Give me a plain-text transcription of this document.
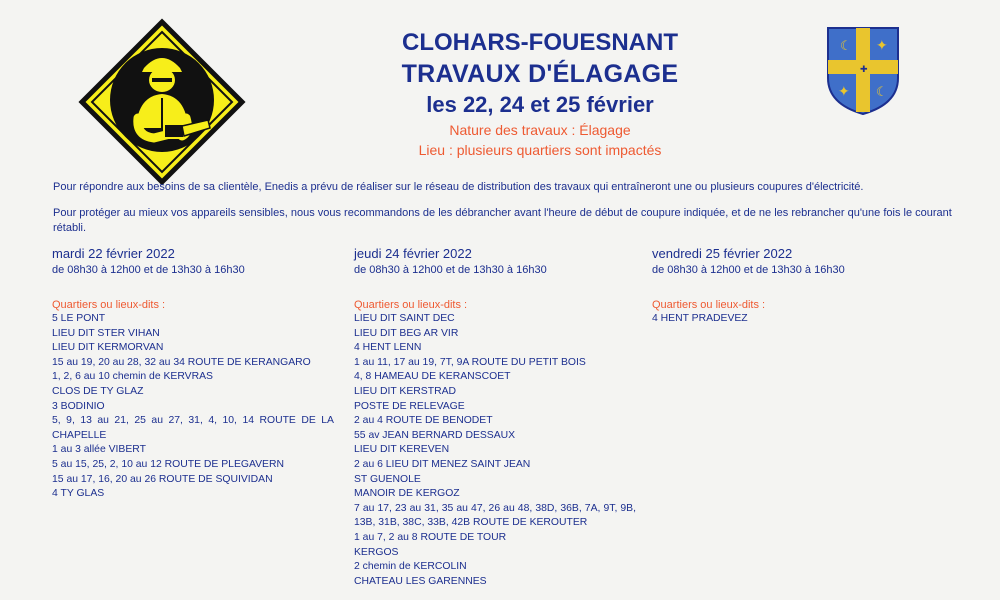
☾ ✦
✦ ☾
✚
CLOHARS-FOUESNANT
TRAVAUX D'ÉLAGAGE
les 22, 24 et 25 février
Nature des travaux : Élagage
Lieu : plusieurs quartiers sont impactés
Pour répondre aux besoins de sa clientèle, Enedis a prévu de réaliser sur le réseau de distribution des travaux qui entraîneront une ou plusieurs coupures d'électricité.
Pour protéger au mieux vos appareils sensibles, nous vous recommandons de les débrancher avant l'heure de début de coupure indiquée, et de ne les rebrancher qu'une fois le courant rétabli.
mardi 22 février 2022
de 08h30 à 12h00 et de 13h30 à 16h30
Quartiers ou lieux-dits :
5 LE PONT
LIEU DIT STER VIHAN
LIEU DIT KERMORVAN
15 au 19, 20 au 28, 32 au 34 ROUTE DE KERANGARO
1, 2, 6 au 10 chemin de KERVRAS
CLOS DE TY GLAZ
3 BODINIO
5, 9, 13 au 21, 25 au 27, 31, 4, 10, 14 ROUTE DE LA CHAPELLE
1 au 3 allée VIBERT
5 au 15, 25, 2, 10 au 12 ROUTE DE PLEGAVERN
15 au 17, 16, 20 au 26 ROUTE DE SQUIVIDAN
4 TY GLAS
jeudi 24 février 2022
de 08h30 à 12h00 et de 13h30 à 16h30
Quartiers ou lieux-dits :
LIEU DIT SAINT DEC
LIEU DIT BEG AR VIR
4 HENT LENN
1 au 11, 17 au 19, 7T, 9A ROUTE DU PETIT BOIS
4, 8 HAMEAU DE KERANSCOET
LIEU DIT KERSTRAD
POSTE DE RELEVAGE
2 au 4 ROUTE DE BENODET
55 av JEAN BERNARD DESSAUX
LIEU DIT KEREVEN
2 au 6 LIEU DIT MENEZ SAINT JEAN
ST GUENOLE
MANOIR DE KERGOZ
7 au 17, 23 au 31, 35 au 47, 26 au 48, 38D, 36B, 7A, 9T, 9B, 13B, 31B, 38C, 33B, 42B ROUTE DE KEROUTER
1 au 7, 2 au 8 ROUTE DE TOUR
KERGOS
2 chemin de KERCOLIN
CHATEAU LES GARENNES
vendredi 25 février 2022
de 08h30 à 12h00 et de 13h30 à 16h30
Quartiers ou lieux-dits :
4 HENT PRADEVEZ
